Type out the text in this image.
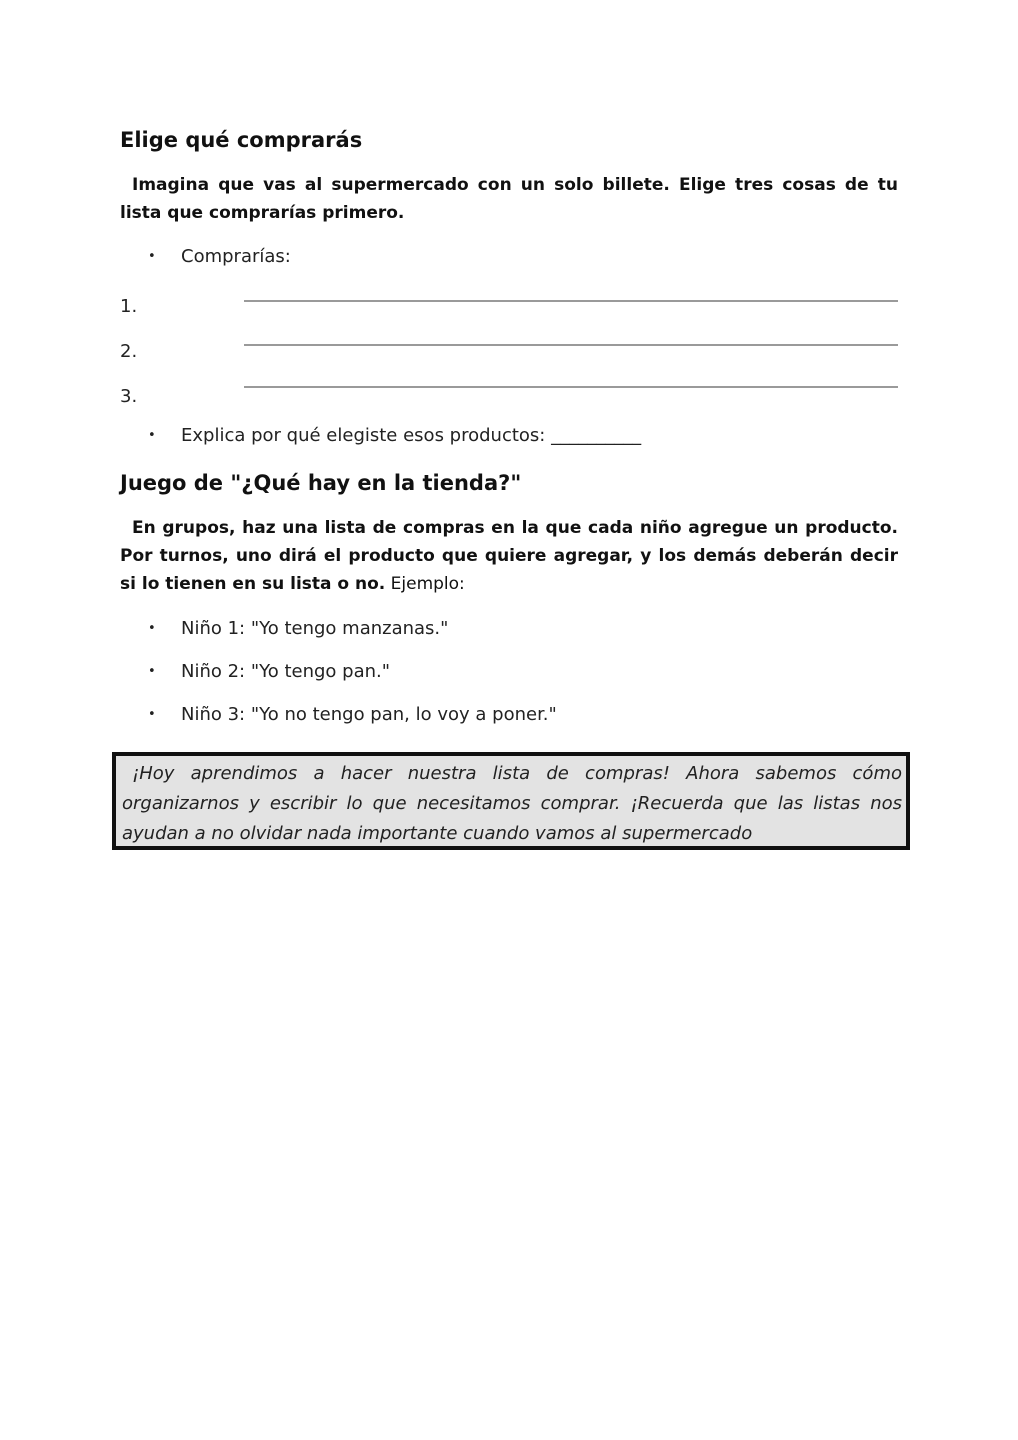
Elige qué comprarás

Imagina que vas al supermercado con un solo billete. Elige tres cosas de tu lista que comprarías primero.

• Comprarías:
1.
2.
3.
• Explica por qué elegiste esos productos: __________
Juego de "¿Qué hay en la tienda?"

En grupos, haz una lista de compras en la que cada niño agregue un producto. Por turnos, uno dirá el producto que quiere agregar, y los demás deberán decir si lo tienen en su lista o no. Ejemplo:

• Niño 1: "Yo tengo manzanas."
• Niño 2: "Yo tengo pan."
• Niño 3: "Yo no tengo pan, lo voy a poner."

¡Hoy aprendimos a hacer nuestra lista de compras! Ahora sabemos cómo organizarnos y escribir lo que necesitamos comprar. ¡Recuerda que las listas nos ayudan a no olvidar nada importante cuando vamos al supermercado
